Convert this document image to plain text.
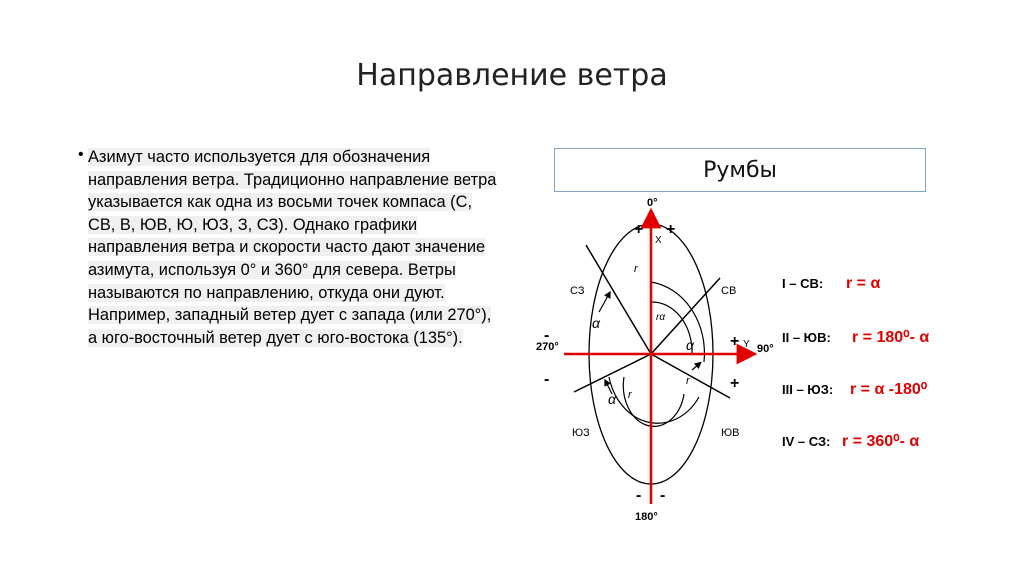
Направление ветра
• Азимут часто используется для обозначения направления ветра. Традиционно направление ветра указывается как одна из восьми точек компаса (С, СВ, В, ЮВ, Ю, ЮЗ, З, СЗ). Однако графики направления ветра и скорости часто дают значение азимута, используя 0° и 360° для севера. Ветры называются по направлению, откуда они дуют. Например, западный ветер дует с запада (или 270°), а юго-восточный ветер дует с юго-востока (135°).
Румбы
0°
90°
180°
270°
X
Y
+ +
+
+
-
-
- -
СЗ	СВ
ЮЗ	ЮВ
r
α	rα
α
α r
r
I – СВ: r = α
II – ЮВ: r = 180⁰- α
III – ЮЗ: r = α -180⁰
IV – СЗ: r = 360⁰- α
